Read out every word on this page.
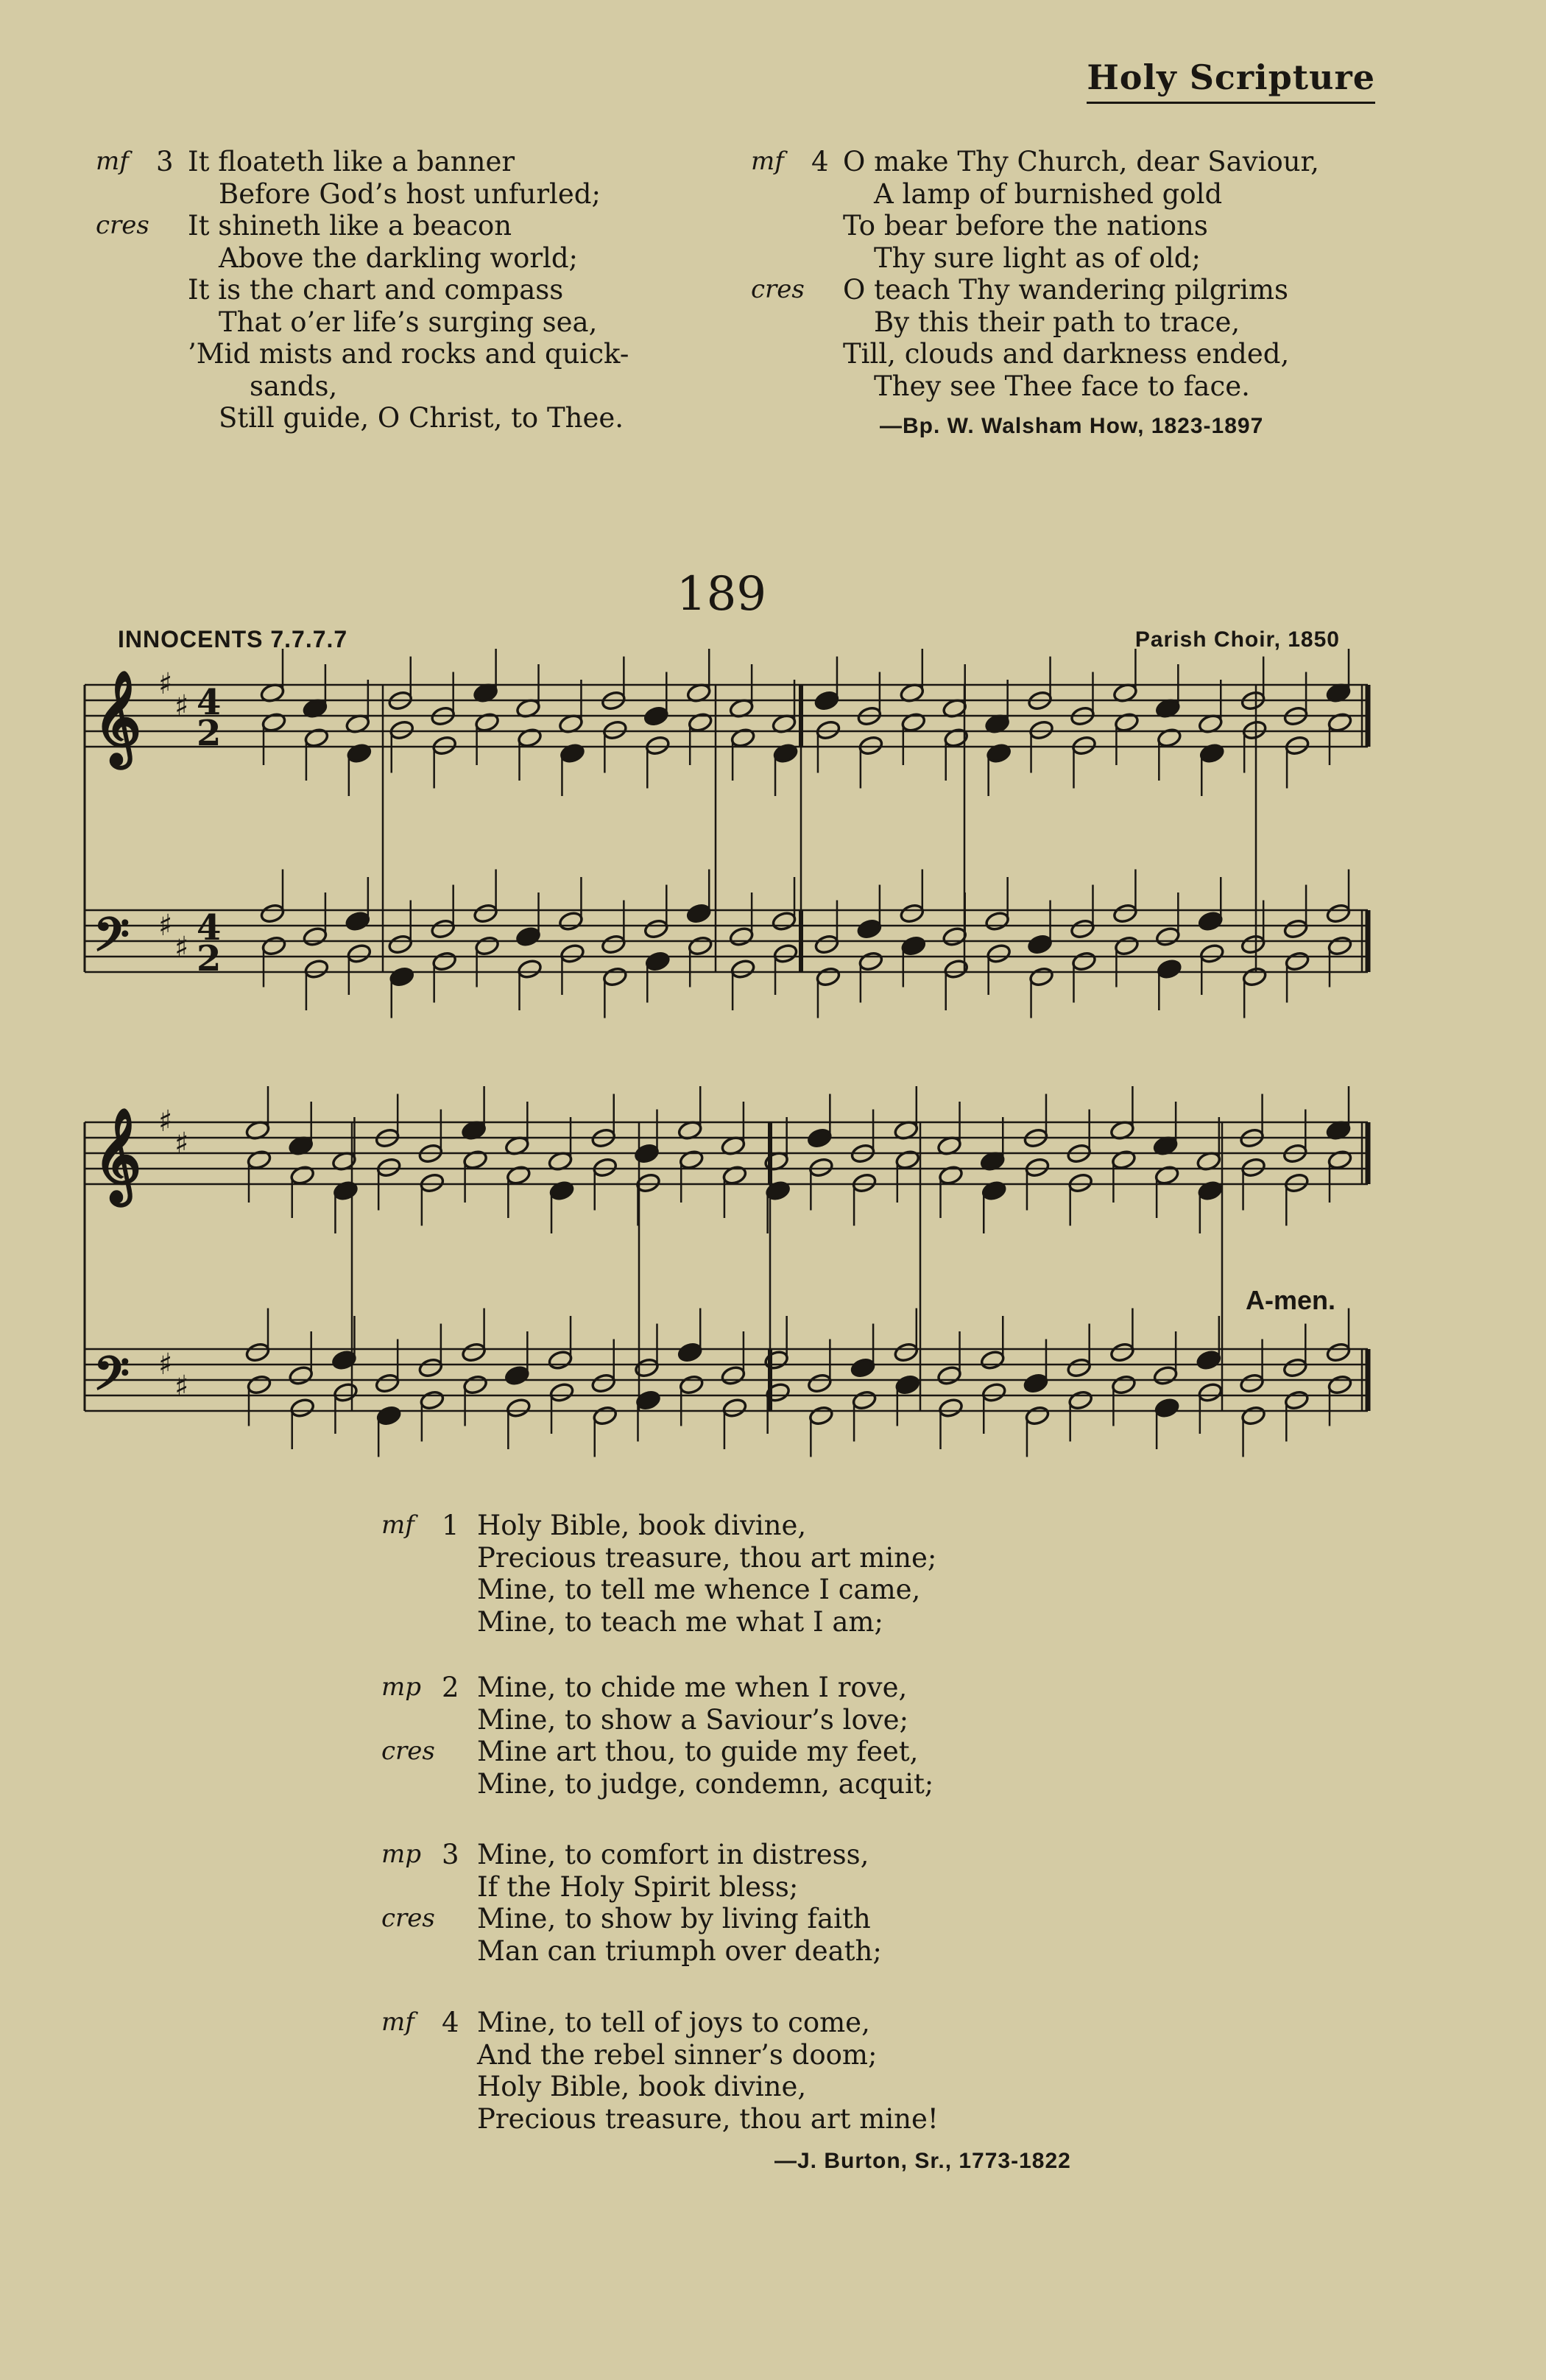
Holy Scripture
3 It floateth like a banner
mf
Before God’s host unfurled;
It shineth like a beacon
cres
Above the darkling world;
It is the chart and compass
That o’er life’s surging sea,
’Mid mists and rocks and quick-
sands,
Still guide, O Christ, to Thee.
4 O make Thy Church, dear Saviour,
mf
A lamp of burnished gold
To bear before the nations
Thy sure light as of old;
O teach Thy wandering pilgrims
cres
By this their path to trace,
Till, clouds and darkness ended,
They see Thee face to face.
—Bp. W. Walsham How, 1823-1897
189
INNOCENTS 7.7.7.7	Parish Choir, 1850
𝄞
𝄢
♯
♯
♯
♯
4
2
4
2
𝄞
𝄢
♯
♯
♯
♯
A-men.
1 Holy Bible, book divine,
mf
Precious treasure, thou art mine;
Mine, to tell me whence I came,
Mine, to teach me what I am;
2 Mine, to chide me when I rove,
mp
Mine, to show a Saviour’s love;
Mine art thou, to guide my feet,
cres
Mine, to judge, condemn, acquit;
3 Mine, to comfort in distress,
mp
If the Holy Spirit bless;
Mine, to show by living faith
cres
Man can triumph over death;
4 Mine, to tell of joys to come,
mf
And the rebel sinner’s doom;
Holy Bible, book divine,
Precious treasure, thou art mine!
—J. Burton, Sr., 1773-1822
